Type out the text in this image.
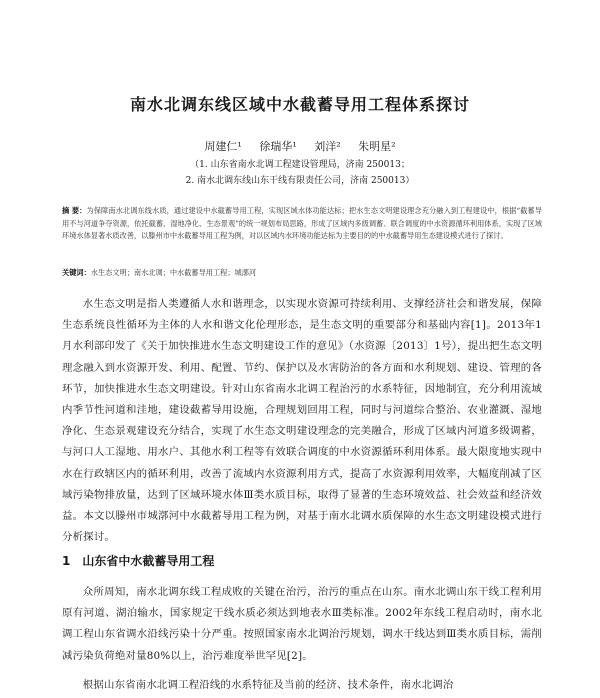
南水北调东线区域中水截蓄导用工程体系探讨
周建仁¹ 徐瑞华¹ 刘洋² 朱明星²
（1. 山东省南水北调工程建设管理局，济南 250013；
2. 南水北调东线山东干线有限责任公司，济南 250013）
摘 要：为保障南水北调东线水质，通过建设中水截蓄导用工程，实现区域水体功能达标；把水生态文明建设理念充分融入到工程建设中，根据“截蓄导用不与河道争夺资源，依托截蓄、湿地净化、生态景观”的统一规划布局思路，形成了区域内多级调蓄、联合调度的中水资源循环利用体系，实现了区域环境水体显著水质改善，以滕州市中水截蓄导用工程为例，对以区域内水环境功能达标为主要目的的中水截蓄导用生态建设模式进行了探讨。
关键词：水生态文明；南水北调；中水截蓄导用工程；城漷河
水生态文明是指人类遵循人水和谐理念，以实现水资源可持续利用、支撑经济社会和谐发展，保障生态系统良性循环为主体的人水和谐文化伦理形态，是生态文明的重要部分和基础内容[1]。2013年1月水利部印发了《关于加快推进水生态文明建设工作的意见》（水资源〔2013〕1号），提出把生态文明理念融入到水资源开发、利用、配置、节约、保护以及水害防治的各方面和水利规划、建设、管理的各环节，加快推进水生态文明建设。针对山东省南水北调工程治污的水系特征，因地制宜，充分利用流域内季节性河道和洼地，建设截蓄导用设施，合理规划回用工程，同时与河道综合整治、农业灌溉、湿地净化、生态景观建设充分结合，实现了水生态文明建设理念的完美融合，形成了区域内河道多级调蓄，与河口人工湿地、用水户、其他水利工程等有效联合调度的中水资源循环利用体系。最大限度地实现中水在行政辖区内的循环利用，改善了流域内水资源利用方式，提高了水资源利用效率，大幅度削减了区域污染物排放量，达到了区域环境水体Ⅲ类水质目标，取得了显著的生态环境效益、社会效益和经济效益。本文以滕州市城漷河中水截蓄导用工程为例，对基于南水北调水质保障的水生态文明建设模式进行分析探讨。
1 山东省中水截蓄导用工程
众所周知，南水北调东线工程成败的关键在治污，治污的重点在山东。南水北调山东干线工程利用原有河道、湖泊输水，国家规定干线水质必须达到地表水Ⅲ类标准。2002年东线工程启动时，南水北调工程山东省调水沿线污染十分严重。按照国家南水北调治污规划，调水干线达到Ⅲ类水质目标，需削减污染负荷绝对量80%以上，治污难度举世罕见[2]。
根据山东省南水北调工程沿线的水系特征及当前的经济、技术条件，南水北调治
